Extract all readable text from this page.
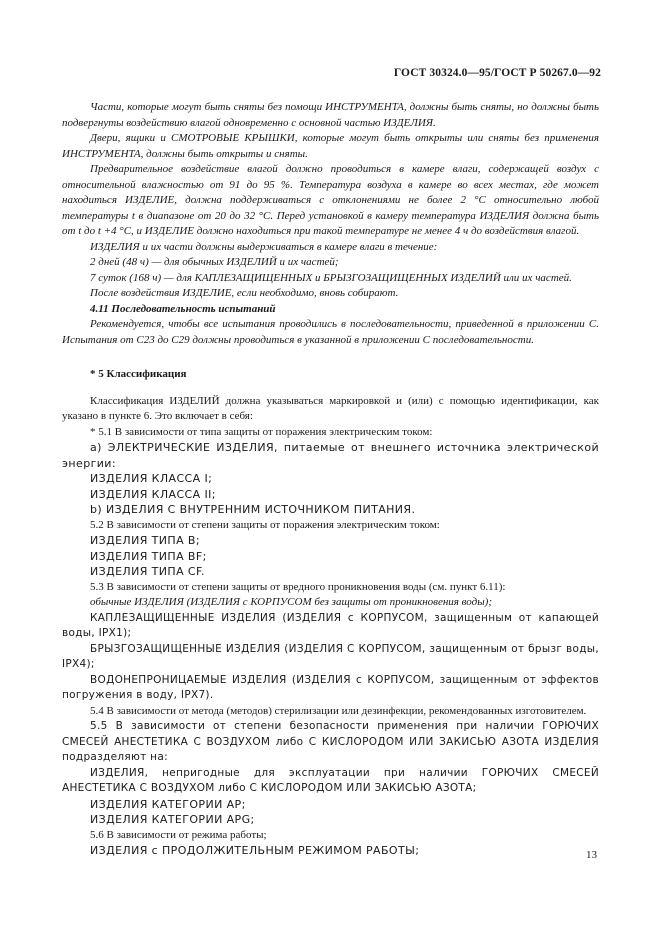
ГОСТ 30324.0—95/ГОСТ Р 50267.0—92

Части, которые могут быть сняты без помощи ИНСТРУМЕНТА, должны быть сняты, но должны быть подвергнуты воздействию влагой одновременно с основной частью ИЗДЕЛИЯ.

Двери, ящики и СМОТРОВЫЕ КРЫШКИ, которые могут быть открыты или сняты без применения ИНСТРУМЕНТА, должны быть открыты и сняты.

Предварительное воздействие влагой должно проводиться в камере влаги, содержащей воздух с относительной влажностью от 91 до 95 %. Температура воздуха в камере во всех местах, где может находиться ИЗДЕЛИЕ, должна поддерживаться с отклонениями не более 2 °С относительно любой температуры t в диапазоне от 20 до 32 °С. Перед установкой в камеру температура ИЗДЕЛИЯ должна быть от t до t +4 °С, и ИЗДЕЛИЕ должно находиться при такой температуре не менее 4 ч до воздействия влагой.

ИЗДЕЛИЯ и их части должны выдерживаться в камере влаги в течение:

2 дней (48 ч) — для обычных ИЗДЕЛИЙ и их частей;

7 суток (168 ч) — для КАПЛЕЗАЩИЩЕННЫХ и БРЫЗГОЗАЩИЩЕННЫХ ИЗДЕЛИЙ или их частей.

После воздействия ИЗДЕЛИЕ, если необходимо, вновь собирают.

4.11 Последовательность испытаний

Рекомендуется, чтобы все испытания проводились в последовательности, приведенной в приложении С. Испытания от С23 до С29 должны проводиться в указанной в приложении С последовательности.

* 5 Классификация

Классификация ИЗДЕЛИЙ должна указываться маркировкой и (или) с помощью идентификации, как указано в пункте 6. Это включает в себя:

* 5.1 В зависимости от типа защиты от поражения электрическим током:

а) ЭЛЕКТРИЧЕСКИЕ ИЗДЕЛИЯ, питаемые от внешнего источника электрической энергии:

ИЗДЕЛИЯ КЛАССА I;

ИЗДЕЛИЯ КЛАССА II;

b) ИЗДЕЛИЯ С ВНУТРЕННИМ ИСТОЧНИКОМ ПИТАНИЯ.

5.2 В зависимости от степени защиты от поражения электрическим током:

ИЗДЕЛИЯ ТИПА В;

ИЗДЕЛИЯ ТИПА BF;

ИЗДЕЛИЯ ТИПА CF.

5.3 В зависимости от степени защиты от вредного проникновения воды (см. пункт 6.11):

обычные ИЗДЕЛИЯ (ИЗДЕЛИЯ с КОРПУСОМ без защиты от проникновения воды);

КАПЛЕЗАЩИЩЕННЫЕ ИЗДЕЛИЯ (ИЗДЕЛИЯ с КОРПУСОМ, защищенным от капающей воды, IPX1);

БРЫЗГОЗАЩИЩЕННЫЕ ИЗДЕЛИЯ (ИЗДЕЛИЯ С КОРПУСОМ, защищенным от брызг воды, IPX4);

ВОДОНЕПРОНИЦАЕМЫЕ ИЗДЕЛИЯ (ИЗДЕЛИЯ с КОРПУСОМ, защищенным от эффектов погружения в воду, IPX7).

5.4 В зависимости от метода (методов) стерилизации или дезинфекции, рекомендованных изготовителем.

5.5 В зависимости от степени безопасности применения при наличии ГОРЮЧИХ СМЕСЕЙ АНЕСТЕТИКА С ВОЗДУХОМ либо С КИСЛОРОДОМ ИЛИ ЗАКИСЬЮ АЗОТА ИЗДЕЛИЯ подразделяют на:

ИЗДЕЛИЯ, непригодные для эксплуатации при наличии ГОРЮЧИХ СМЕСЕЙ АНЕСТЕТИКА С ВОЗДУХОМ либо С КИСЛОРОДОМ ИЛИ ЗАКИСЬЮ АЗОТА;

ИЗДЕЛИЯ КАТЕГОРИИ АР;

ИЗДЕЛИЯ КАТЕГОРИИ APG;

5.6 В зависимости от режима работы;

ИЗДЕЛИЯ с ПРОДОЛЖИТЕЛЬНЫМ РЕЖИМОМ РАБОТЫ;	13
